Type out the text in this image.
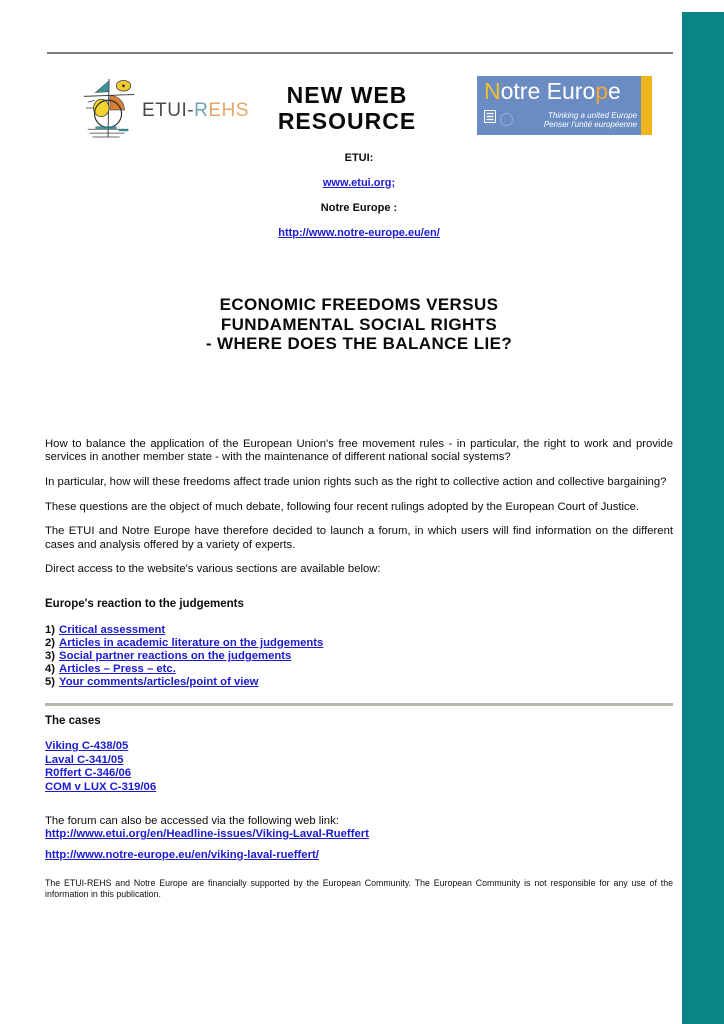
ETUI-REHS
NEW WEB
RESOURCE
Notre Europe
Thinking a united Europe
Penser l'unité européenne
ETUI:
www.etui.org;
Notre Europe :
http://www.notre-europe.eu/en/
ECONOMIC FREEDOMS VERSUS
FUNDAMENTAL SOCIAL RIGHTS
- WHERE DOES THE BALANCE LIE?

How to balance the application of the European Union's free movement rules - in particular, the right to work and provide services in another member state - with the maintenance of different national social systems?

In particular, how will these freedoms affect trade union rights such as the right to collective action and collective bargaining?

These questions are the object of much debate, following four recent rulings adopted by the European Court of Justice.

The ETUI and Notre Europe have therefore decided to launch a forum, in which users will find information on the different cases and analysis offered by a variety of experts.

Direct access to the website's various sections are available below:

Europe's reaction to the judgements
1) Critical assessment
2) Articles in academic literature on the judgements
3) Social partner reactions on the judgements
4) Articles – Press – etc.
5) Your comments/articles/point of view
The cases
Viking C-438/05
Laval C-341/05
R0ffert C-346/06
COM v LUX C-319/06
The forum can also be accessed via the following web link:
http://www.etui.org/en/Headline-issues/Viking-Laval-Rueffert
http://www.notre-europe.eu/en/viking-laval-rueffert/
The ETUI-REHS and Notre Europe are financially supported by the European Community. The European Community is not responsible for any use of the information in this publication.
